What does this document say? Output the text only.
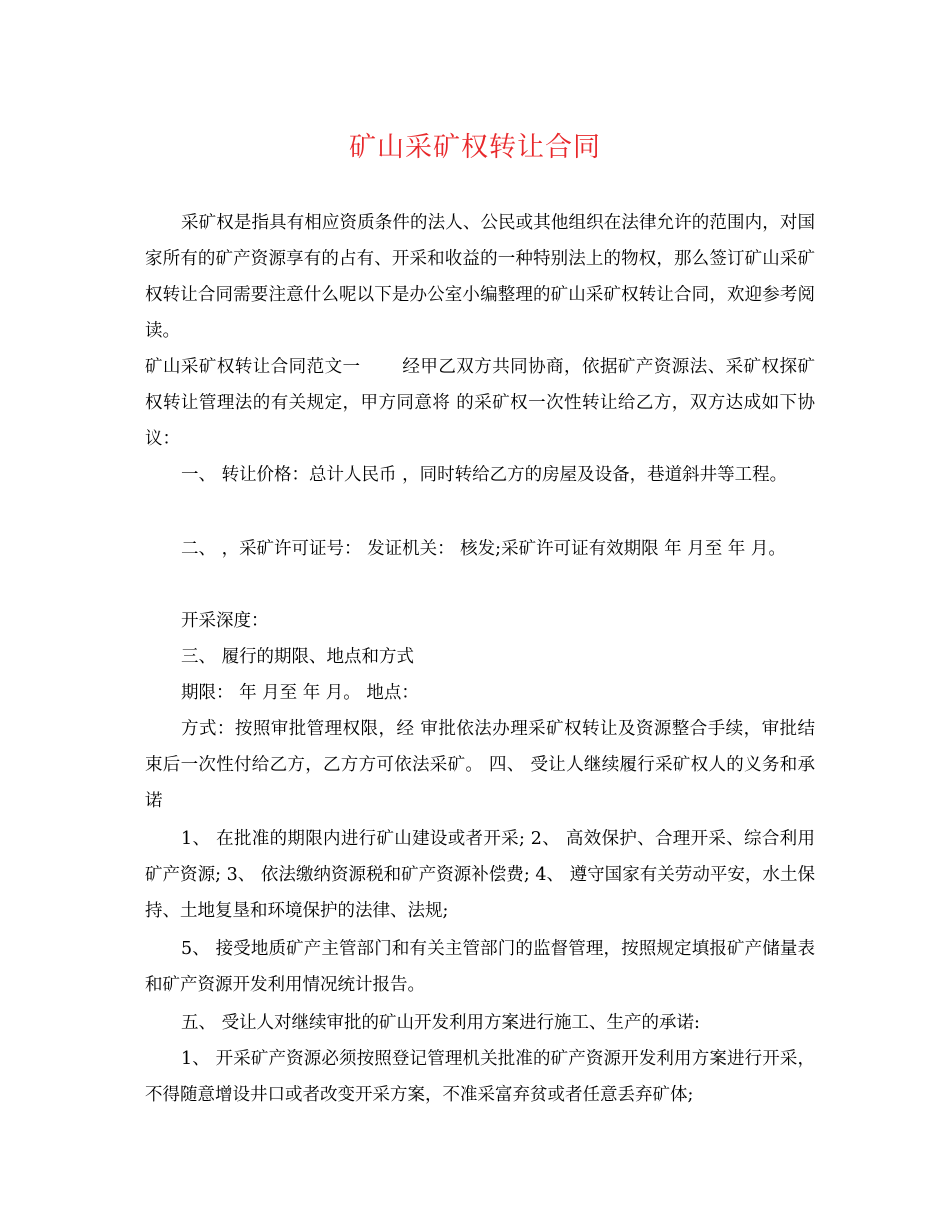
矿山采矿权转让合同

采矿权是指具有相应资质条件的法人、公民或其他组织在法律允许的范围内，对国家所有的矿产资源享有的占有、开采和收益的一种特别法上的物权，那么签订矿山采矿权转让合同需要注意什么呢以下是办公室小编整理的矿山采矿权转让合同，欢迎参考阅读。

矿山采矿权转让合同范文一　　 经甲乙双方共同协商，依据矿产资源法、采矿权探矿权转让管理法的有关规定，甲方同意将 的采矿权一次性转让给乙方，双方达成如下协议：

一、 转让价格：总计人民币 ，同时转给乙方的房屋及设备，巷道斜井等工程。

二、 ，采矿许可证号： 发证机关： 核发;采矿许可证有效期限 年 月至 年 月。

开采深度：

三、 履行的期限、地点和方式

期限： 年 月至 年 月。 地点：

方式：按照审批管理权限，经 审批依法办理采矿权转让及资源整合手续，审批结束后一次性付给乙方，乙方方可依法采矿。 四、 受让人继续履行采矿权人的义务和承诺

1、 在批准的期限内进行矿山建设或者开采; 2、 高效保护、合理开采、综合利用矿产资源; 3、 依法缴纳资源税和矿产资源补偿费; 4、 遵守国家有关劳动平安，水土保持、土地复垦和环境保护的法律、法规;

5、 接受地质矿产主管部门和有关主管部门的监督管理，按照规定填报矿产储量表和矿产资源开发利用情况统计报告。

五、 受让人对继续审批的矿山开发利用方案进行施工、生产的承诺:

1、 开采矿产资源必须按照登记管理机关批准的矿产资源开发利用方案进行开采，不得随意增设井口或者改变开采方案，不准采富弃贫或者任意丢弃矿体;
